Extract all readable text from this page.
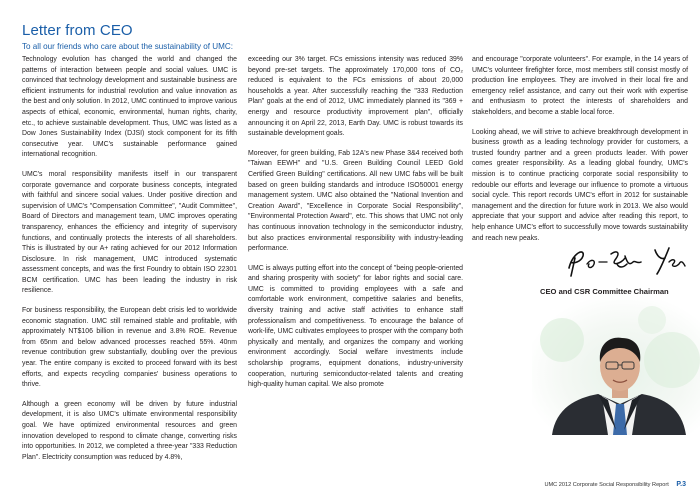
Letter from CEO
To all our friends who care about the sustainability of UMC:

Technology evolution has changed the world and changed the patterns of interaction between people and social values. UMC is convinced that technology development and sustainable business are efficient instruments for industrial revolution and value innovation as the best and only solution. In 2012, UMC continued to improve various aspects of ethical, economic, environmental, human rights, charity, etc., to achieve sustainable development. Thus, UMC was listed as a Dow Jones Sustainability Index (DJSI) stock component for its fifth consecutive year. UMC's sustainable performance gained international recognition.

UMC's moral responsibility manifests itself in our transparent corporate governance and corporate business concepts, integrated with faithful and sincere social values. Under positive direction and supervision of UMC's "Compensation Committee", "Audit Committee", Board of Directors and management team, UMC improves operating transparency, enhances the efficiency and integrity of supervisory functions, and continually protects the interests of all shareholders. This is illustrated by our A+ rating achieved for our 2012 Information Disclosure. In risk management, UMC introduced systematic assessment concepts, and was the first Foundry to obtain ISO 22301 BCM certification. UMC has been leading the industry in risk resilience.

For business responsibility, the European debt crisis led to worldwide economic stagnation. UMC still remained stable and profitable, with approximately NT$106 billion in revenue and 3.8% ROE. Revenue from 65nm and below advanced processes reached 55%. 40nm revenue contribution grew substantially, doubling over the previous year. The entire company is excited to proceed forward with its best efforts, and expects recycling companies' business operations to thrive.

Although a green economy will be driven by future industrial development, it is also UMC's ultimate environmental responsibility goal. We have optimized environmental resources and green innovation developed to respond to climate change, converting risks into opportunities. In 2012, we completed a three-year "333 Reduction Plan". Electricity consumption was reduced by 4.8%,

exceeding our 3% target. FCs emissions intensity was reduced 39% beyond pre-set targets. The approximately 170,000 tons of CO₂ reduced is equivalent to the FCs emissions of about 20,000 households a year. After successfully reaching the "333 Reduction Plan" goals at the end of 2012, UMC immediately planned its "369 + energy and resource productivity improvement plan", officially announcing it on April 22, 2013, Earth Day. UMC is robust towards its sustainable development goals.

Moreover, for green building, Fab 12A's new Phase 3&4 received both "Taiwan EEWH" and "U.S. Green Building Council LEED Gold Certified Green Building" certifications. All new UMC fabs will be built based on green building standards and introduce ISO50001 energy management system. UMC also obtained the "National Invention and Creation Award", "Excellence in Corporate Social Responsibility", "Environmental Protection Award", etc. This shows that UMC not only has continuous innovation technology in the semiconductor industry, but also practices environmental responsibility with industry-leading performance.

UMC is always putting effort into the concept of "being people-oriented and sharing prosperity with society" for labor rights and social care. UMC is committed to providing employees with a safe and comfortable work environment, competitive salaries and benefits, diversity training and active staff activities to enhance staff professionalism and competitiveness. To encourage the balance of work-life, UMC cultivates employees to prosper with the company both physically and mentally, and organizes the company and working environment accordingly. Social welfare investments include scholarship programs, equipment donations, industry-university cooperation, nurturing semiconductor-related talents and creating high-quality human capital. We also promote

and encourage "corporate volunteers". For example, in the 14 years of UMC's volunteer firefighter force, most members still consist mostly of production line employees. They are involved in their local fire and emergency relief assistance, and carry out their work with expertise and enthusiasm to protect the interests of shareholders and stakeholders, and become a stable local force.

Looking ahead, we will strive to achieve breakthrough development in business growth as a leading technology provider for customers, a trusted foundry partner and a green products leader. With power comes greater responsibility. As a leading global foundry, UMC's mission is to continue practicing corporate social responsibility to redouble our efforts and leverage our influence to promote a virtuous social cycle. This report records UMC's effort in 2012 for sustainable management and the direction for future work in 2013. We also would appreciate that your support and advice after reading this report, to help enhance UMC's effort to successfully move towards sustainability and reach new peaks.

CEO and CSR Committee Chairman
UMC 2012 Corporate Social Responsibility Report P.3
